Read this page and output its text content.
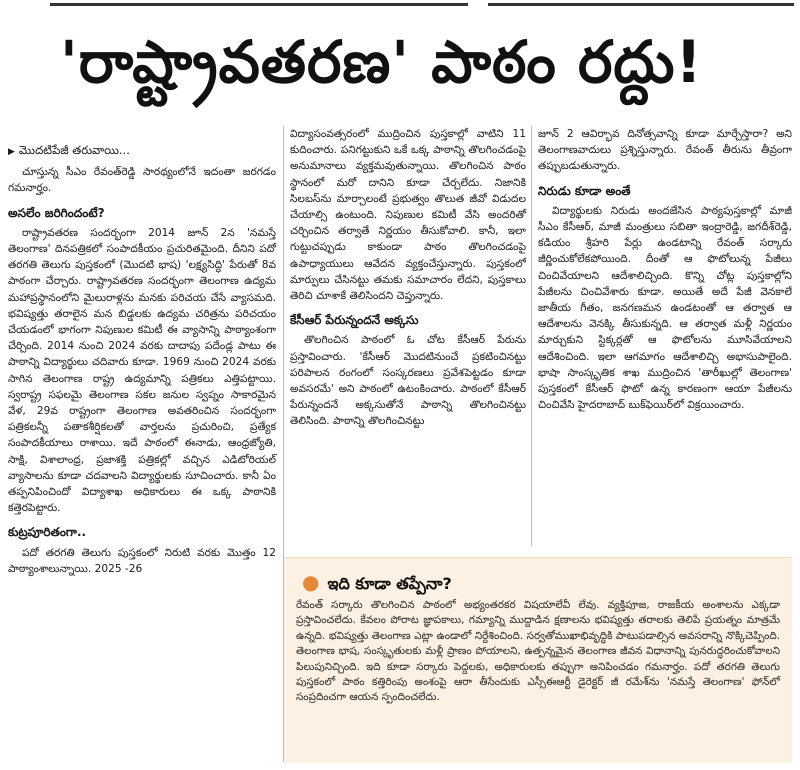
'రాష్ట్రావతరణ' పాఠం రద్దు!
▶ మొదటిపేజీ తరువాయి...

చూస్తున్న సీఎం రేవంత్‌రెడ్డి సారథ్యంలోనే ఇదంతా జరగడం గమనార్హం.

అసలేం జరిగిందంటే?

రాష్ట్రావతరణ సందర్భంగా 2014 జూన్ 2న 'నమస్తే తెలంగాణ' దినపత్రికలో సంపాదకీయం ప్రచురితమైంది. దీనిని పదో తరగతి తెలుగు పుస్తకంలో (మొదటి భాష) 'లక్ష్యసిద్ధి' పేరుతో 8వ పాఠంగా చేర్చారు. రాష్ట్రావతరణ సందర్భంగా తెలంగాణ ఉద్యమ మహాప్రస్థానంలోని మైలురాళ్లను మనకు పరిచయ చేసే వ్యాసమది. భవిష్యత్తు తరాలైన మన బిడ్డలకు ఉద్యమ చరిత్రను పరిచయం చేయడంలో భాగంగా నిపుణుల కమిటీ ఈ వ్యాసాన్ని పాఠ్యాంశంగా చేర్చింది. 2014 నుంచి 2024 వరకు దాదాపు పదేండ్ల పాటు ఈ పాఠాన్ని విద్యార్థులు చదివారు కూడా. 1969 నుంచి 2024 వరకు సాగిన తెలంగాణ రాష్ట్ర ఉద్యమాన్ని పత్రికలు ఎత్తిపట్టాయి. స్వరాష్ట్ర సఫలమై తెలంగాణ సకల జనుల స్వప్నం సాకారమైన వేళ, 29వ రాష్ట్రంగా తెలంగాణ అవతరించిన సందర్భంగా పత్రికలన్నీ పతాకశీర్షికలతో వార్తలను ప్రచురించి, ప్రత్యేక సంపాదకీయాలు రాశాయి. ఇదే పాఠంలో ఈనాడు, ఆంధ్రజ్యోతి, సాక్షి, విశాలాంధ్ర, ప్రజాశక్తి పత్రికల్లో వచ్చిన ఎడిటోరియల్ వ్యాసాలను కూడా చదవాలని విద్యార్థులకు సూచించారు. కానీ ఏం తప్పనిపించిందో విద్యాశాఖ అధికారులు ఈ ఒక్క పాఠానికి కత్తెరపెట్టారు.

కుట్రపూరితంగా..

పదో తరగతి తెలుగు పుస్తకంలో నిరుటి వరకు మొత్తం 12 పాఠ్యాంశాలున్నాయి. 2025 -26

విద్యాసంవత్సరంలో ముద్రించిన పుస్తకాల్లో వాటిని 11 కుదించారు. పనిగట్టుకుని ఒకే ఒక్క పాఠాన్ని తొలగించడంపై అనుమానాలు వ్యక్తమవుతున్నాయి. తొలగించిన పాఠం స్థానంలో మరో దానిని కూడా చేర్చలేదు. నిజానికి సిలబస్‌ను మార్చాలంటే ప్రభుత్వం తొలుత జీవో విడుదల చేయాల్సి ఉంటుంది. నిపుణుల కమిటీ వేసి అందరితో చర్చించిన తర్వాతే నిర్ణయం తీసుకోవాలి. కానీ, ఇలా గుట్టుచప్పుడు కాకుండా పాఠం తొలగించడంపై ఉపాధ్యాయులు ఆవేదన వ్యక్తంచేస్తున్నారు. పుస్తకంలో మార్పులు చేసినట్టు తమకు సమాచారం లేదని, పుస్తకాలు తెరిచి చూశాకే తెలిసిందని చెప్తున్నారు.

కేసీఆర్ పేరున్నందనే అక్కసు

తొలగించిన పాఠంలో ఓ చోట కేసీఆర్ పేరును ప్రస్తావించారు. 'కేసీఆర్ మొదటినుంచే ప్రకటించినట్టు పరిపాలన రంగంలో సంస్కరణలు ప్రవేశపెట్టడం కూడా అవసరమే' అని పాఠంలో ఉటంకించారు. పాఠంలో కేసీఆర్ పేరున్నందనే అక్కసుతోనే పాఠాన్ని తొలగించినట్టు తెలిసింది. పాఠాన్ని తొలగించినట్టు

జూన్ 2 ఆవిర్భావ దినోత్సవాన్ని కూడా మార్చేస్తారా? అని తెలంగాణవాదులు ప్రశ్నిస్తున్నారు. రేవంత్ తీరును తీవ్రంగా తప్పుబడుతున్నారు.

నిరుడు కూడా అంతే

విద్యార్థులకు నిరుడు అందజేసిన పాఠ్యపుస్తకాల్లో మాజీ సీఎం కేసీఆర్, మాజీ మంత్రులు సబితా ఇంద్రారెడ్డి, జగదీశ్‌రెడ్డి, కడియం శ్రీహరి పేర్లు ఉండటాన్ని రేవంత్ సర్కారు జీర్ణించుకోలేకపోయింది. దీంతో ఆ ఫొటోలున్న పేజీలు చించివేయాలని ఆదేశాలిచ్చింది. కొన్ని చోట్ల పుస్తకాల్లోని పేజీలను చించివేశారు కూడా. అయితే అదే పేజీ వెనకాలే జాతీయ గీతం, జనగణమన ఉండటంతో ఆ తర్వాత ఆ ఆదేశాలను వెనక్కి తీసుకున్నది. ఆ తర్వాత మళ్లీ నిర్ణయం మార్చుకుని స్టిక్కర్లతో ఆ ఫొటోలను మూసివేయాలని ఆదేశించింది. ఇలా ఆగమాగం ఆదేశాలిచ్చి అభాసుపాలైంది. భాషా సాంస్కృతిక శాఖ ముద్రించిన 'తారీఖుల్లో తెలంగాణ' పుస్తకంలో కేసీఆర్ ఫొటో ఉన్న కారణంగా ఆయా పేజీలను చించివేసి హైదరాబాద్ బుక్‌ఫెయిర్‌లో విక్రయించారు.

● ఇది కూడా తప్పేనా?
రేవంత్ సర్కారు తొలగించిన పాఠంలో అభ్యంతరకర విషయాలేవీ లేవు. వ్యక్తిపూజ, రాజకీయ అంశాలను ఎక్కడా ప్రస్తావించలేదు. కేవలం పోరాట జ్ఞాపకాలు, గమ్యాన్ని ముద్దాడిన క్షణాలను భవిష్యత్తు తరాలకు తెలిపే ప్రయత్నం మాత్రమే ఉన్నది. భవిష్యత్తు తెలంగాణ ఎట్లా ఉండాలో నిర్దేశించింది. సర్వతోముఖాభివృద్ధికి పాటుపడాల్సిన అవసరాన్ని నొక్కిచెప్పింది. తెలంగాణ భాష, సంస్కృతులకు మళ్లీ ప్రాణం పోయాలని, ఉత్పన్నమైన తెలంగాణ జీవన విధానాన్ని పునరుద్ధరించుకోవాలని పిలుపునిచ్చింది. ఇది కూడా సర్కారు పెద్దలకు, అధికారులకు తప్పుగా అనిపించడం గమనార్హం. పదో తరగతి తెలుగు పుస్తకంలో పాఠం కత్తిరింపు అంశంపై ఆరా తీసేందుకు ఎస్సీఈఆర్టీ డైరెక్టర్ జీ రమేశ్‌ను 'నమస్తే తెలంగాణ' ఫోన్‌లో సంప్రదించగా ఆయన స్పందించలేదు.
